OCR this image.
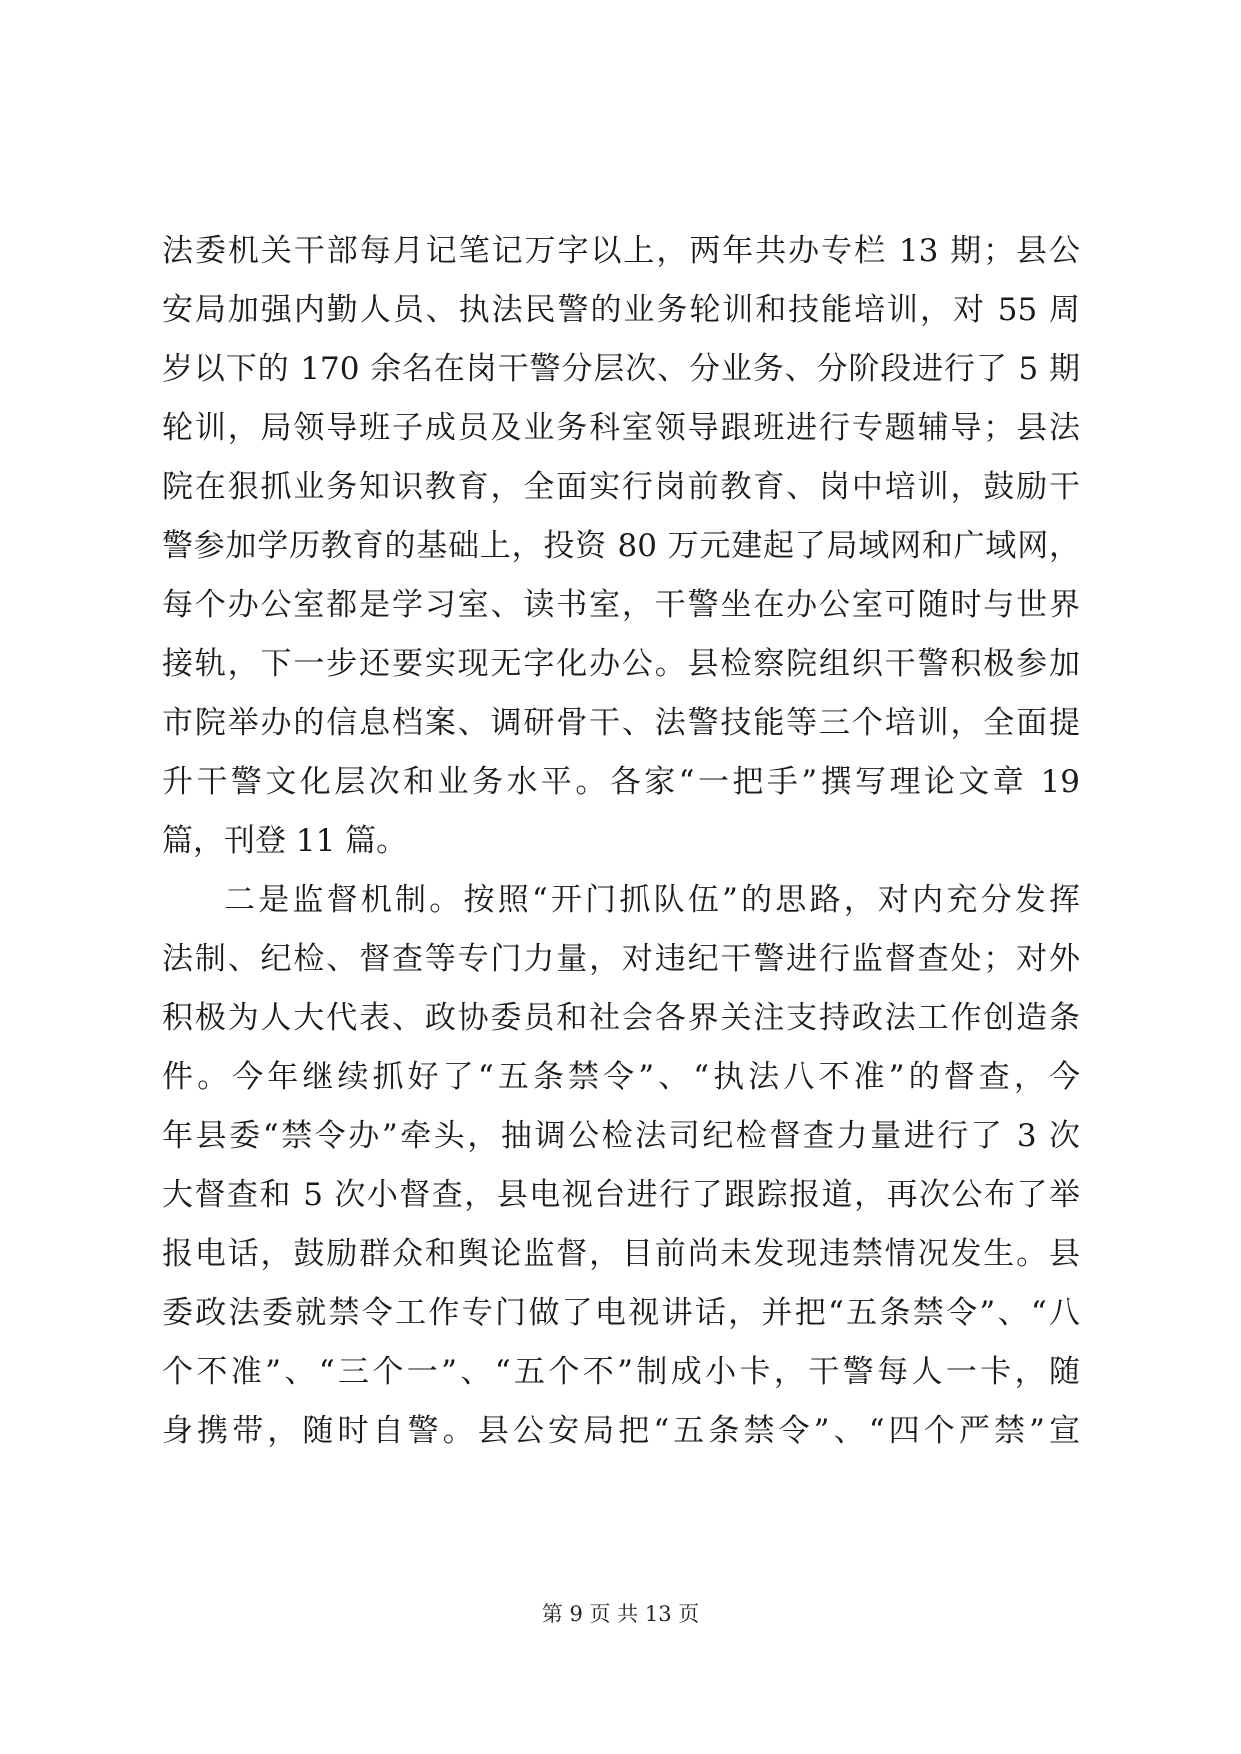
法委机关干部每月记笔记万字以上，两年共办专栏 13 期；县公
安局加强内勤人员、执法民警的业务轮训和技能培训，对 55 周
岁以下的 170 余名在岗干警分层次、分业务、分阶段进行了 5 期
轮训，局领导班子成员及业务科室领导跟班进行专题辅导；县法
院在狠抓业务知识教育，全面实行岗前教育、岗中培训，鼓励干
警参加学历教育的基础上，投资 80 万元建起了局域网和广域网，
每个办公室都是学习室、读书室，干警坐在办公室可随时与世界
接轨，下一步还要实现无字化办公。县检察院组织干警积极参加
市院举办的信息档案、调研骨干、法警技能等三个培训，全面提
升干警文化层次和业务水平。各家“一把手”撰写理论文章 19
篇，刊登 11 篇。
二是监督机制。按照“开门抓队伍”的思路，对内充分发挥
法制、纪检、督查等专门力量，对违纪干警进行监督查处；对外
积极为人大代表、政协委员和社会各界关注支持政法工作创造条
件。今年继续抓好了“五条禁令”、“执法八不准”的督查，今
年县委“禁令办”牵头，抽调公检法司纪检督查力量进行了 3 次
大督查和 5 次小督查，县电视台进行了跟踪报道，再次公布了举
报电话，鼓励群众和舆论监督，目前尚未发现违禁情况发生。县
委政法委就禁令工作专门做了电视讲话，并把“五条禁令”、“八
个不准”、“三个一”、“五个不”制成小卡，干警每人一卡，随
身携带，随时自警。县公安局把“五条禁令”、“四个严禁”宣
第 9 页 共 13 页
